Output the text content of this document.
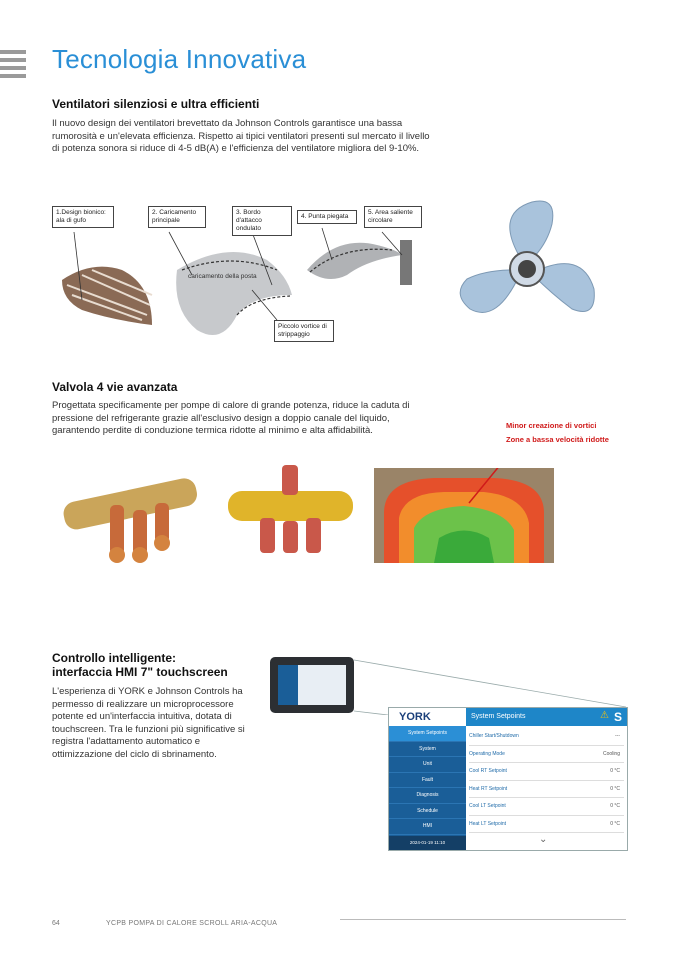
Tecnologia Innovativa
Ventilatori silenziosi e ultra efficienti

Il nuovo design dei ventilatori brevettato da Johnson Controls garantisce una bassa rumorosità e un'elevata efficienza. Rispetto ai tipici ventilatori presenti sul mercato il livello di potenza sonora si riduce di 4-5 dB(A) e l'efficienza del ventilatore migliora del 9-10%.

1.Design bionico: ala di gufo
2. Caricamento principale
3. Bordo d'attacco ondulato
4. Punta piegata
5. Area saliente circolare
caricamento della posta
Piccolo vortice di strippaggio
Valvola 4 vie avanzata

Progettata specificamente per pompe di calore di grande potenza, riduce la caduta di pressione del refrigerante grazie all'esclusivo design a doppio canale del liquido, garantendo perdite di conduzione termica ridotte al minimo e alta affidabilità.	Minor creazione di vortici
Zone a bassa velocità ridotte
Controllo intelligente:
interfaccia HMI 7" touchscreen

L'esperienza di YORK e Johnson Controls ha permesso di realizzare un microprocessore potente ed un'interfaccia intuitiva, dotata di touchscreen. Tra le funzioni più significative si registra l'adattamento automatico e ottimizzazione del ciclo di sbrinamento.

YORK	System Setpoints	⚠ S
System Setpoints
System
Unit
Fault
Diagnosis
Schedule
HMI
2024-01-19 11:10
Chiller Start/Shutdown	---
Operating Mode	Cooling
Cool RT Setpoint	0 °C
Heat RT Setpoint	0 °C
Cool LT Setpoint	0 °C
Heat LT Setpoint	0 °C
⌄
64	YCPB POMPA DI CALORE SCROLL ARIA-ACQUA
